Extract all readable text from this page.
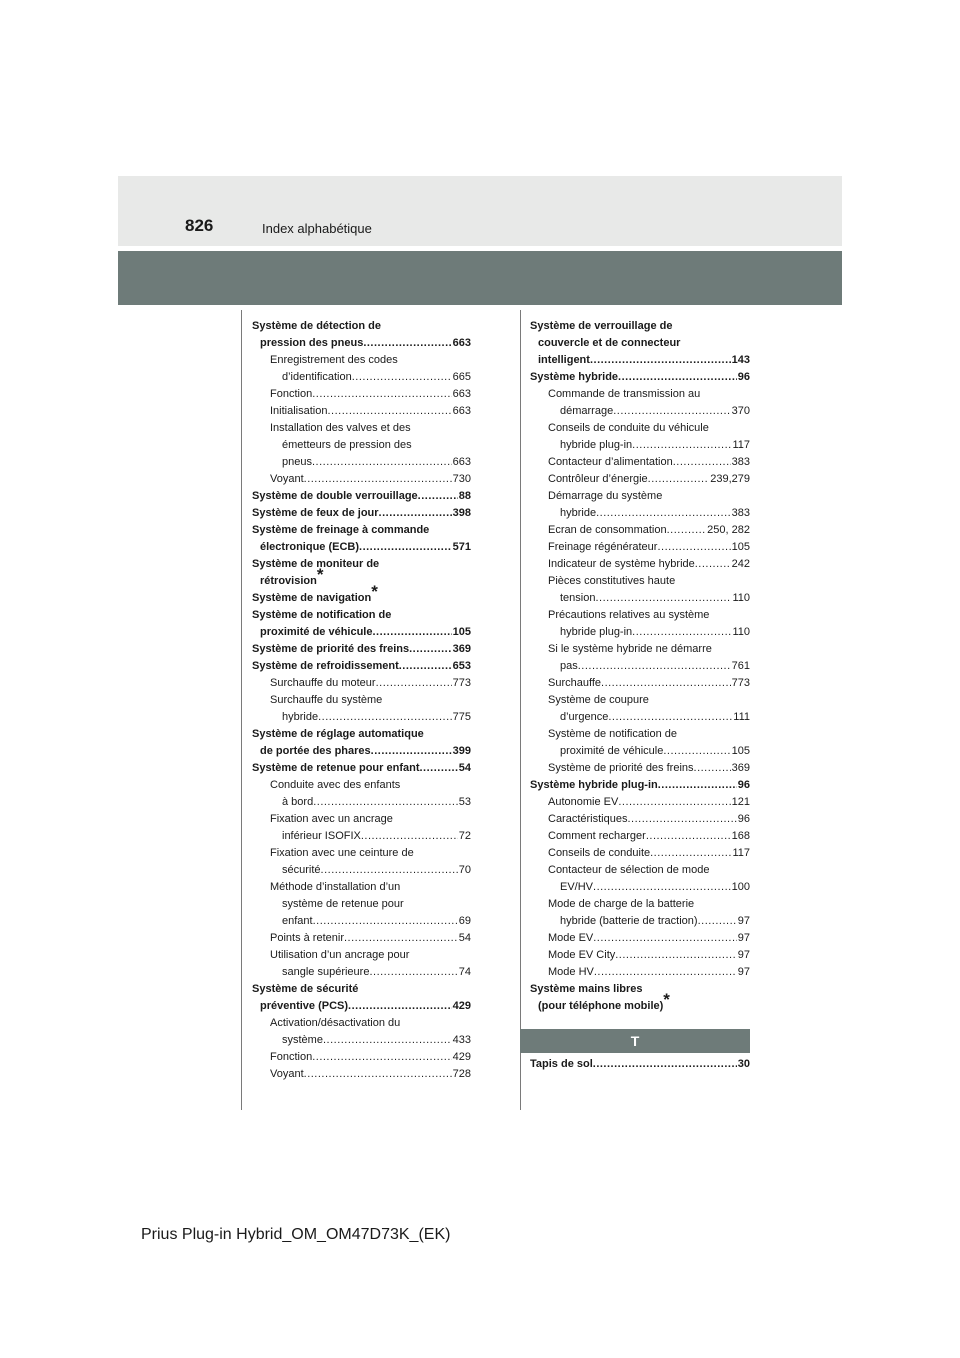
826	Index alphabétique
Système de détection de
pression des pneus .....	663
Enregistrement des codes
d’identification .....	665
Fonction .....	663
Initialisation .....	663
Installation des valves et des
émetteurs de pression des
pneus .....	663
Voyant .....	730
Système de double verrouillage .....	88
Système de feux de jour .....	398
Système de freinage à commande
électronique (ECB) .....	571
Système de moniteur de
rétrovision*
Système de navigation*
Système de notification de
proximité de véhicule .....	105
Système de priorité des freins .....	369
Système de refroidissement .....	653
Surchauffe du moteur .....	773
Surchauffe du système
hybride .....	775
Système de réglage automatique
de portée des phares .....	399
Système de retenue pour enfant .....	54
Conduite avec des enfants
à bord .....	53
Fixation avec un ancrage
inférieur ISOFIX .....	72
Fixation avec une ceinture de
sécurité .....	70
Méthode d’installation d’un
système de retenue pour
enfant .....	69
Points à retenir .....	54
Utilisation d’un ancrage pour
sangle supérieure .....	74
Système de sécurité
préventive (PCS) .....	429
Activation/désactivation du
système .....	433
Fonction .....	429
Voyant .....	728
Système de verrouillage de
couvercle et de connecteur
intelligent .....	143
Système hybride .....	96
Commande de transmission au
démarrage .....	370
Conseils de conduite du véhicule
hybride plug-in .....	117
Contacteur d’alimentation .....	383
Contrôleur d’énergie .....	239,279
Démarrage du système
hybride .....	383
Ecran de consommation .....	250, 282
Freinage régénérateur .....	105
Indicateur de système hybride .....	242
Pièces constitutives haute
tension .....	110
Précautions relatives au système
hybride plug-in .....	110
Si le système hybride ne démarre
pas .....	761
Surchauffe .....	773
Système de coupure
d’urgence .....	111
Système de notification de
proximité de véhicule .....	105
Système de priorité des freins .....	369
Système hybride plug-in .....	96
Autonomie EV .....	121
Caractéristiques .....	96
Comment recharger .....	168
Conseils de conduite .....	117
Contacteur de sélection de mode
EV/HV .....	100
Mode de charge de la batterie
hybride (batterie de traction) .....	97
Mode EV .....	97
Mode EV City .....	97
Mode HV .....	97
Système mains libres
(pour téléphone mobile)*
T
Tapis de sol .....	30
Prius Plug-in Hybrid_OM_OM47D73K_(EK)
